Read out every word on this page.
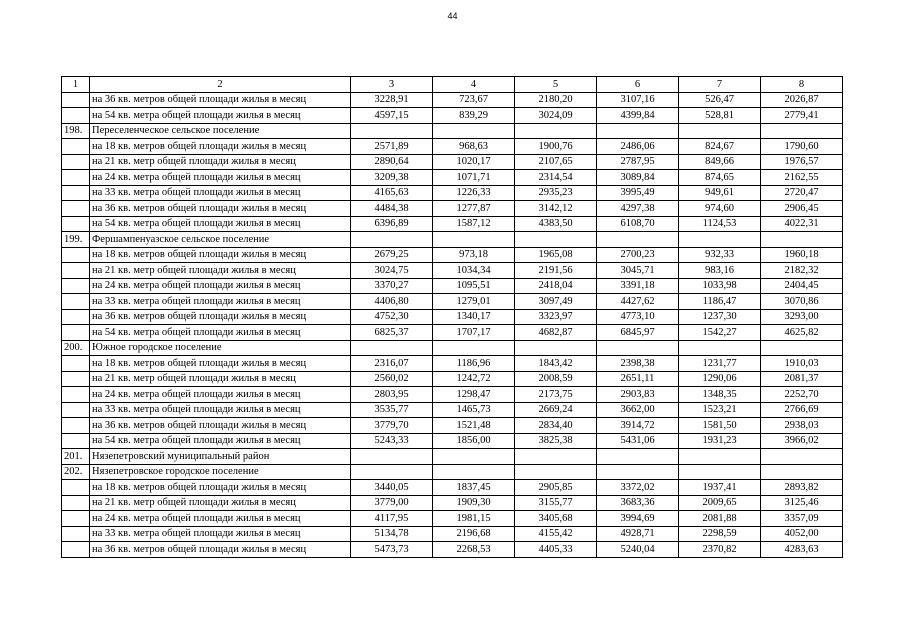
44
1	2	3	4	5	6	7	8
	на 36 кв. метров общей площади жилья в месяц	3228,91	723,67	2180,20	3107,16	526,47	2026,87
	на 54 кв. метра общей площади жилья в месяц	4597,15	839,29	3024,09	4399,84	528,81	2779,41
198.	Переселенческое сельское поселение						
	на 18 кв. метров общей площади жилья в месяц	2571,89	968,63	1900,76	2486,06	824,67	1790,60
	на 21 кв. метр общей площади жилья в месяц	2890,64	1020,17	2107,65	2787,95	849,66	1976,57
	на 24 кв. метра общей площади жилья в месяц	3209,38	1071,71	2314,54	3089,84	874,65	2162,55
	на 33 кв. метра общей площади жилья в месяц	4165,63	1226,33	2935,23	3995,49	949,61	2720,47
	на 36 кв. метров общей площади жилья в месяц	4484,38	1277,87	3142,12	4297,38	974,60	2906,45
	на 54 кв. метра общей площади жилья в месяц	6396,89	1587,12	4383,50	6108,70	1124,53	4022,31
199.	Фершампенуазское сельское поселение						
	на 18 кв. метров общей площади жилья в месяц	2679,25	973,18	1965,08	2700,23	932,33	1960,18
	на 21 кв. метр общей площади жилья в месяц	3024,75	1034,34	2191,56	3045,71	983,16	2182,32
	на 24 кв. метра общей площади жилья в месяц	3370,27	1095,51	2418,04	3391,18	1033,98	2404,45
	на 33 кв. метра общей площади жилья в месяц	4406,80	1279,01	3097,49	4427,62	1186,47	3070,86
	на 36 кв. метров общей площади жилья в месяц	4752,30	1340,17	3323,97	4773,10	1237,30	3293,00
	на 54 кв. метра общей площади жилья в месяц	6825,37	1707,17	4682,87	6845,97	1542,27	4625,82
200.	Южное городское поселение						
	на 18 кв. метров общей площади жилья в месяц	2316,07	1186,96	1843,42	2398,38	1231,77	1910,03
	на 21 кв. метр общей площади жилья в месяц	2560,02	1242,72	2008,59	2651,11	1290,06	2081,37
	на 24 кв. метра общей площади жилья в месяц	2803,95	1298,47	2173,75	2903,83	1348,35	2252,70
	на 33 кв. метра общей площади жилья в месяц	3535,77	1465,73	2669,24	3662,00	1523,21	2766,69
	на 36 кв. метров общей площади жилья в месяц	3779,70	1521,48	2834,40	3914,72	1581,50	2938,03
	на 54 кв. метра общей площади жилья в месяц	5243,33	1856,00	3825,38	5431,06	1931,23	3966,02
201.	Нязепетровский муниципальный район						
202.	Нязепетровское городское поселение						
	на 18 кв. метров общей площади жилья в месяц	3440,05	1837,45	2905,85	3372,02	1937,41	2893,82
	на 21 кв. метр общей площади жилья в месяц	3779,00	1909,30	3155,77	3683,36	2009,65	3125,46
	на 24 кв. метра общей площади жилья в месяц	4117,95	1981,15	3405,68	3994,69	2081,88	3357,09
	на 33 кв. метра общей площади жилья в месяц	5134,78	2196,68	4155,42	4928,71	2298,59	4052,00
	на 36 кв. метров общей площади жилья в месяц	5473,73	2268,53	4405,33	5240,04	2370,82	4283,63
